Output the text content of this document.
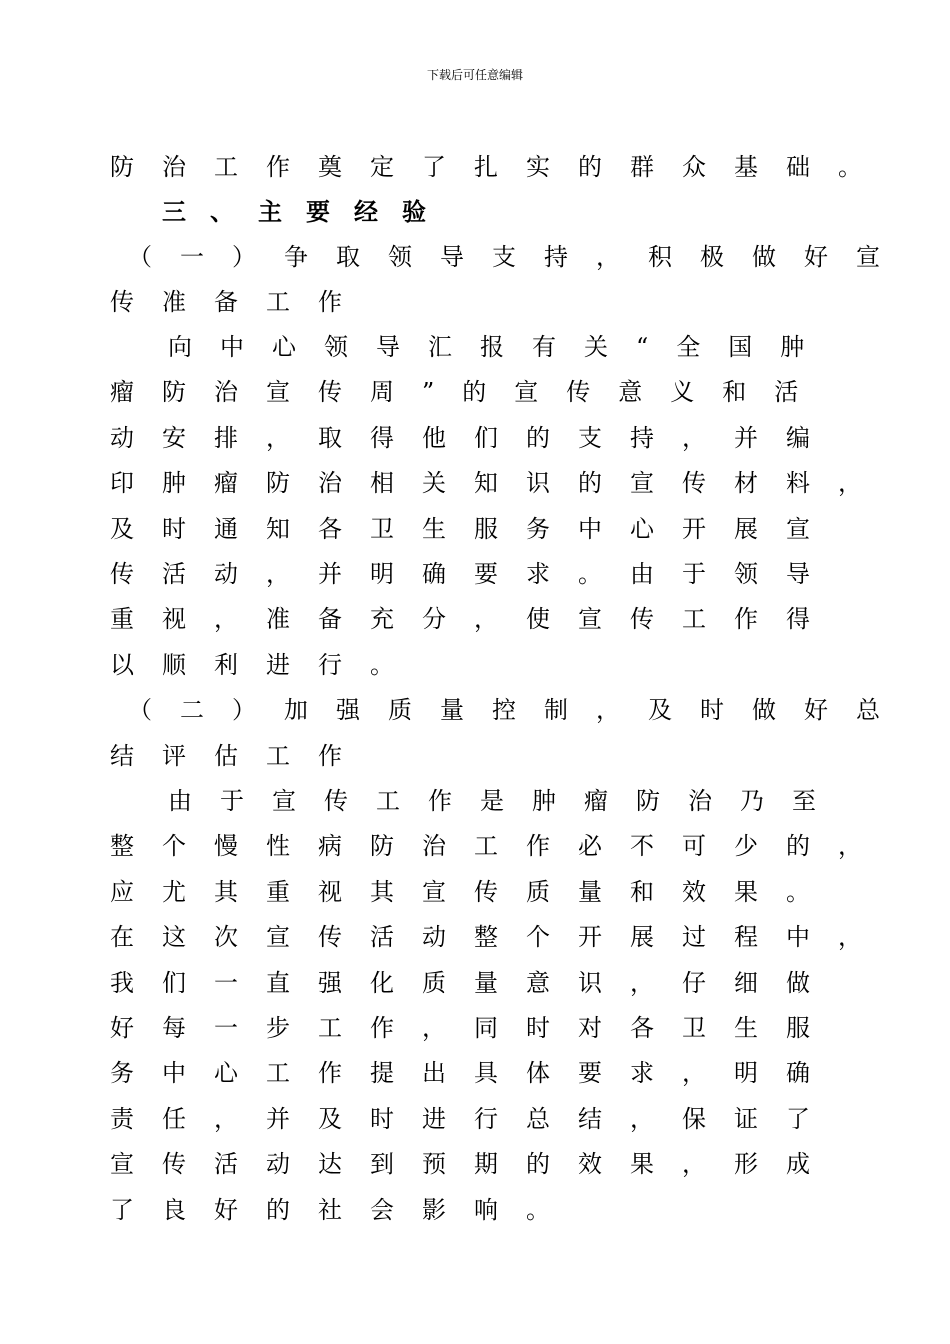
下载后可任意编辑
防治工作奠定了扎实的群众基础。
三、主要经验
（一）争取领导支持，积极做好宣
传准备工作
向中心领导汇报有关“全国肿
瘤防治宣传周”的宣传意义和活
动安排，取得他们的支持，并编
印肿瘤防治相关知识的宣传材料，
及时通知各卫生服务中心开展宣
传活动，并明确要求。由于领导
重视，准备充分，使宣传工作得
以顺利进行。
（二）加强质量控制，及时做好总
结评估工作
由于宣传工作是肿瘤防治乃至
整个慢性病防治工作必不可少的，
应尤其重视其宣传质量和效果。
在这次宣传活动整个开展过程中，
我们一直强化质量意识，仔细做
好每一步工作，同时对各卫生服
务中心工作提出具体要求，明确
责任，并及时进行总结，保证了
宣传活动达到预期的效果，形成
了良好的社会影响。
